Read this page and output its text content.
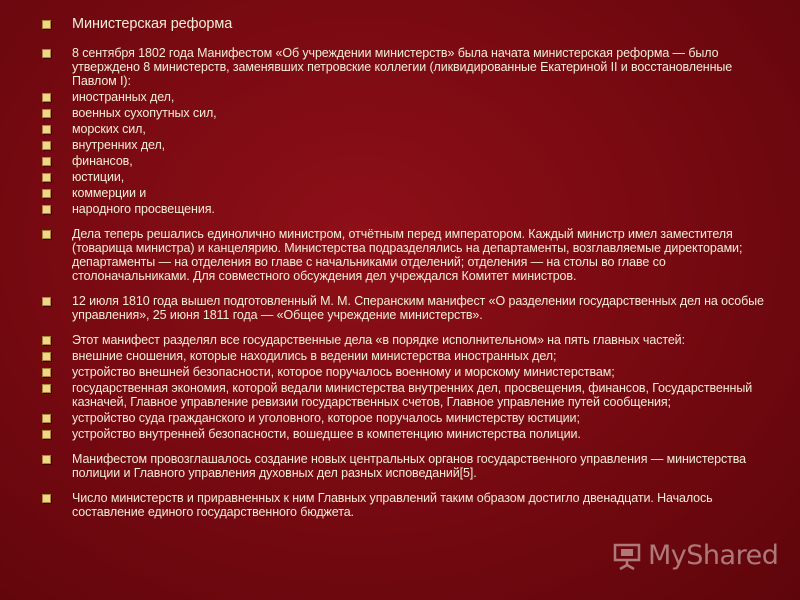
Министерская реформа
8 сентября 1802 года Манифестом «Об учреждении министерств» была начата министерская реформа — было утверждено 8 министерств, заменявших петровские коллегии (ликвидированные Екатериной II и восстановленные Павлом I):
иностранных дел,
военных сухопутных сил,
морских сил,
внутренних дел,
финансов,
юстиции,
коммерции и
народного просвещения.
Дела теперь решались единолично министром, отчётным перед императором. Каждый министр имел заместителя (товарища министра) и канцелярию. Министерства подразделялись на департаменты, возглавляемые директорами; департаменты — на отделения во главе с начальниками отделений; отделения — на столы во главе со столоначальниками. Для совместного обсуждения дел учреждался Комитет министров.
12 июля 1810 года вышел подготовленный М. М. Сперанским манифест «О разделении государственных дел на особые управления», 25 июня 1811 года — «Общее учреждение министерств».
Этот манифест разделял все государственные дела «в порядке исполнительном» на пять главных частей:
внешние сношения, которые находились в ведении министерства иностранных дел;
устройство внешней безопасности, которое поручалось военному и морскому министерствам;
государственная экономия, которой ведали министерства внутренних дел, просвещения, финансов, Государственный казначей, Главное управление ревизии государственных счетов, Главное управление путей сообщения;
устройство суда гражданского и уголовного, которое поручалось министерству юстиции;
устройство внутренней безопасности, вошедшее в компетенцию министерства полиции.
Манифестом провозглашалось создание новых центральных органов государственного управления — министерства полиции и Главного управления духовных дел разных исповеданий[5].
Число министерств и приравненных к ним Главных управлений таким образом достигло двенадцати. Началось составление единого государственного бюджета.
MyShared
